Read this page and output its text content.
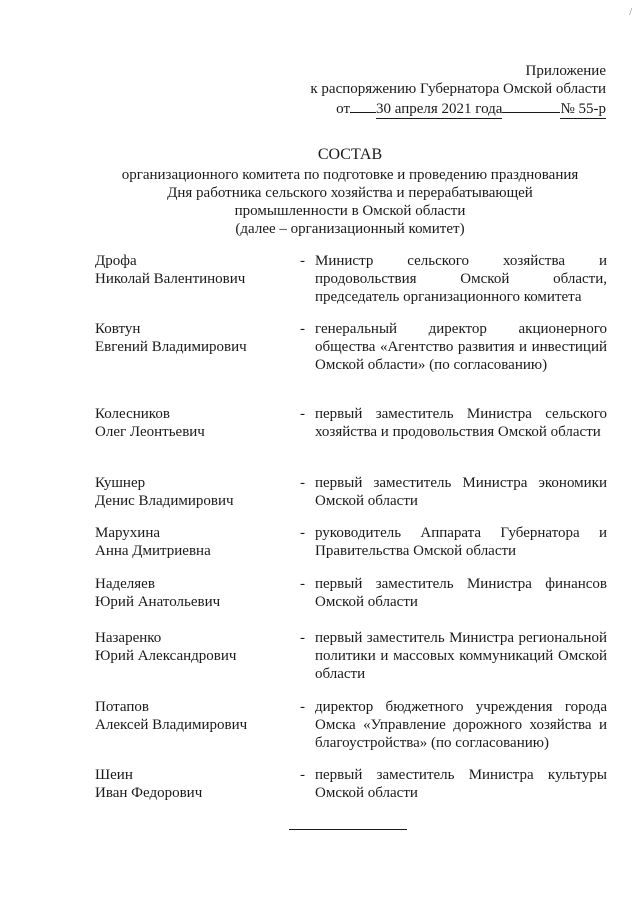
/
Приложение
к распоряжению Губернатора Омской области
от 30 апреля 2021 года	№ 55-р
СОСТАВ
организационного комитета по подготовке и проведению празднования
Дня работника сельского хозяйства и перерабатывающей
промышленности в Омской области
(далее – организационный комитет)
Дрофа
Николай Валентинович
- Министр сельского хозяйства и продовольствия Омской области, председатель организационного комитета
Ковтун
Евгений Владимирович
- генеральный директор акционерного общества «Агентство развития и инвестиций Омской области» (по согласованию)
Колесников
Олег Леонтьевич
- первый заместитель Министра сельского хозяйства и продовольствия Омской области
Кушнер
Денис Владимирович
- первый заместитель Министра экономики Омской области
Марухина
Анна Дмитриевна
- руководитель Аппарата Губернатора и Правительства Омской области
Наделяев
Юрий Анатольевич
- первый заместитель Министра финансов Омской области
Назаренко
Юрий Александрович
- первый заместитель Министра региональной политики и массовых коммуникаций Омской области
Потапов
Алексей Владимирович
- директор бюджетного учреждения города Омска «Управление дорожного хозяйства и благоустройства» (по согласованию)
Шеин
Иван Федорович
- первый заместитель Министра культуры Омской области
